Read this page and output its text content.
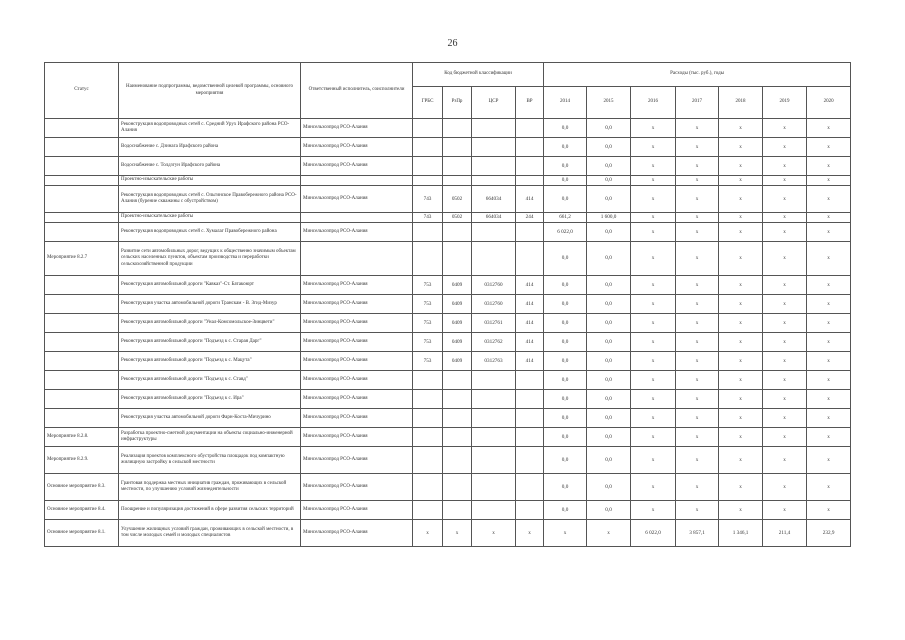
26
Статус	Наименование подпрограммы, ведомственной целевой программы, основного мероприятия	Ответственный исполнитель, соисполнители	Код бюджетной классификации				Расходы (тыс. руб.), годы						
			ГРБС	РзПр	ЦСР	ВР	2014	2015	2016	2017	2018	2019	2020
	Реконструкция водопроводных сетей с. Средний Урух Ирафского района РСО-Алания	Минсельхозпрод РСО-Алания					0,0	0,0	х	х	х	х	х
	Водоснабжение с. Дзинага Ирафского района	Минсельхозпрод РСО-Алания					0,0	0,0	х	х	х	х	х
	Водоснабжение с. Толдзгун Ирафского района	Минсельхозпрод РСО-Алания					0,0	0,0	х	х	х	х	х
	Проектно-изыскательские работы						0,0	0,0	х	х	х	х	х
	Реконструкция водопроводных сетей с. Ольгинское Правобережного района РСО-Алания (бурение скважины с обустройством)	Минсельхозпрод РСО-Алания	743	0502	664034	414	0,0	0,0	х	х	х	х	х
	Проектно-изыскательские работы		743	0502	664034	244	661,2	1 600,0	х	х	х	х	х
	Реконструкция водопроводных сетей с. Хумалаг Правобережного района	Минсельхозпрод РСО-Алания					6 022,0	0,0	х	х	х	х	х
Мероприятие 8.2.7	Развитие сети автомобильных дорог, ведущих к общественно значимым объектам сельских населенных пунктов, объектам производства и переработки сельскохозяйственной продукции						0,0	0,0	х	х	х	х	х
	Реконструкция автомобильной дороги "Кавказ"-Ст. Батакоюрт	Минсельхозпрод РСО-Алания	753	0409	0312760	414	0,0	0,0	х	х	х	х	х
	Реконструкция участка автомобильной дороги Транскам - В. Згид-Мизур	Минсельхозпрод РСО-Алания	753	0409	0312760	414	0,0	0,0	х	х	х	х	х
	Реконструкция автомобильной дороги "Унал-Комсомольское-Зинцвети"	Минсельхозпрод РСО-Алания	753	0409	0312761	414	0,0	0,0	х	х	х	х	х
	Реконструкция автомобильной дороги "Подъезд к с. Старая Дарг"	Минсельхозпрод РСО-Алания	753	0409	0312762	414	0,0	0,0	х	х	х	х	х
	Реконструкция автомобильной дороги "Подъезд к с. Мацута"	Минсельхозпрод РСО-Алания	753	0409	0312763	414	0,0	0,0	х	х	х	х	х
	Реконструкция автомобильной дороги "Подъезд к с. Ставд"	Минсельхозпрод РСО-Алания					0,0	0,0	х	х	х	х	х
	Реконструкция автомобильной дороги "Подъезд к с. Ира"	Минсельхозпрод РСО-Алания					0,0	0,0	х	х	х	х	х
	Реконструкция участка автомобильной дороги Фарн-Коста-Мичурино	Минсельхозпрод РСО-Алания					0,0	0,0	х	х	х	х	х
Мероприятие 8.2.8.	Разработка проектно-сметной документации на объекты социально-инженерной инфраструктуры	Минсельхозпрод РСО-Алания					0,0	0,0	х	х	х	х	х
Мероприятие 8.2.9.	Реализация проектов комплексного обустройства площадок под компактную жилищную застройку в сельской местности	Минсельхозпрод РСО-Алания					0,0	0,0	х	х	х	х	х
Основное мероприятие 8.3.	Грантовая поддержка местных инициатив граждан, проживающих в сельской местности, по улучшению условий жизнедеятельности	Минсельхозпрод РСО-Алания					0,0	0,0	х	х	х	х	х
Основное мероприятие 8.4.	Поощрение и популяризация достижений в сфере развития сельских территорий	Минсельхозпрод РСО-Алания					0,0	0,0	х	х	х	х	х
Основное мероприятие 8.1.	Улучшение жилищных условий граждан, проживающих в сельской местности, в том числе молодых семей и молодых специалистов	Минсельхозпрод РСО-Алания	х	х	х	х	х	х	6 022,0	3 857,1	1 346,1	211,4	232,9
